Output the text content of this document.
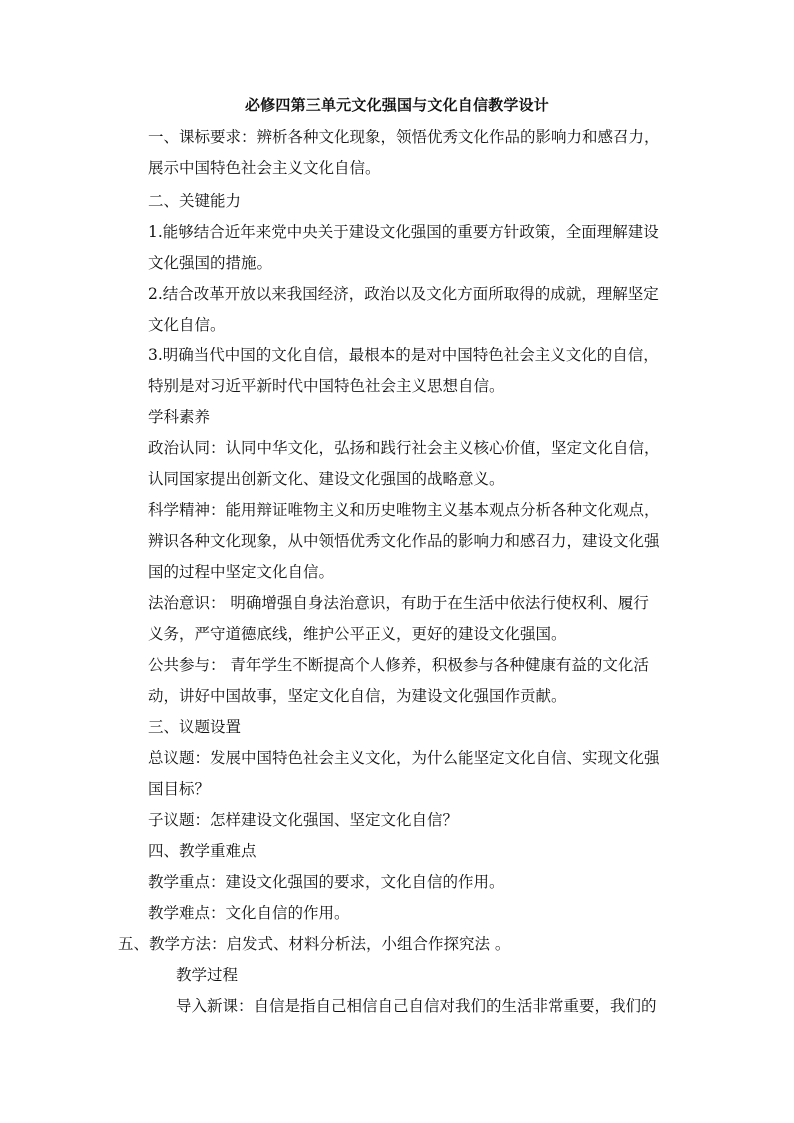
必修四第三单元文化强国与文化自信教学设计
一、课标要求：辨析各种文化现象，领悟优秀文化作品的影响力和感召力，
展示中国特色社会主义文化自信。
二、关键能力
1.能够结合近年来党中央关于建设文化强国的重要方针政策，全面理解建设
文化强国的措施。
2.结合改革开放以来我国经济，政治以及文化方面所取得的成就，理解坚定
文化自信。
3.明确当代中国的文化自信，最根本的是对中国特色社会主义文化的自信，
特别是对习近平新时代中国特色社会主义思想自信。
学科素养
政治认同：认同中华文化，弘扬和践行社会主义核心价值，坚定文化自信，
认同国家提出创新文化、建设文化强国的战略意义。
科学精神：能用辩证唯物主义和历史唯物主义基本观点分析各种文化观点，
辨识各种文化现象，从中领悟优秀文化作品的影响力和感召力，建设文化强
国的过程中坚定文化自信。
法治意识： 明确增强自身法治意识，有助于在生活中依法行使权利、履行
义务，严守道德底线，维护公平正义，更好的建设文化强国。
公共参与： 青年学生不断提高个人修养，积极参与各种健康有益的文化活
动，讲好中国故事，坚定文化自信，为建设文化强国作贡献。
三、议题设置
总议题：发展中国特色社会主义文化，为什么能坚定文化自信、实现文化强
国目标？
子议题：怎样建设文化强国、坚定文化自信？
四、教学重难点
教学重点：建设文化强国的要求，文化自信的作用。
教学难点：文化自信的作用。
五、教学方法：启发式、材料分析法，小组合作探究法 。
教学过程
导入新课：自信是指自己相信自己自信对我们的生活非常重要，我们的
